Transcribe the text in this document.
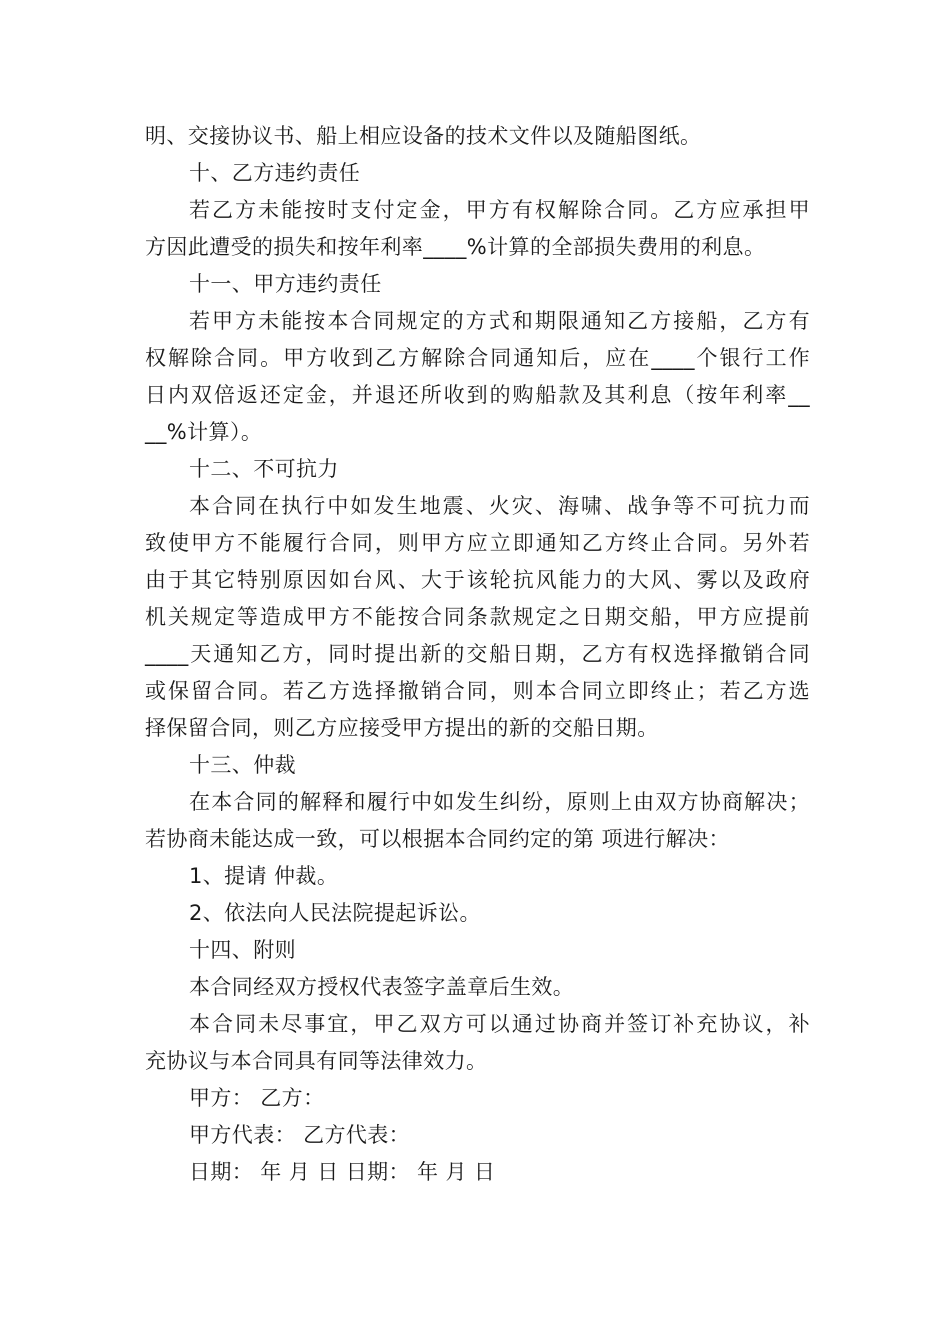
明、交接协议书、船上相应设备的技术文件以及随船图纸。
十、乙方违约责任
若乙方未能按时支付定金，甲方有权解除合同。乙方应承担甲
方因此遭受的损失和按年利率____%计算的全部损失费用的利息。
十一、甲方违约责任
若甲方未能按本合同规定的方式和期限通知乙方接船，乙方有
权解除合同。甲方收到乙方解除合同通知后，应在____个银行工作
日内双倍返还定金，并退还所收到的购船款及其利息（按年利率__
__%计算）。
十二、不可抗力
本合同在执行中如发生地震、火灾、海啸、战争等不可抗力而
致使甲方不能履行合同，则甲方应立即通知乙方终止合同。另外若
由于其它特别原因如台风、大于该轮抗风能力的大风、雾以及政府
机关规定等造成甲方不能按合同条款规定之日期交船，甲方应提前
____天通知乙方，同时提出新的交船日期，乙方有权选择撤销合同
或保留合同。若乙方选择撤销合同，则本合同立即终止；若乙方选
择保留合同，则乙方应接受甲方提出的新的交船日期。
十三、仲裁
在本合同的解释和履行中如发生纠纷，原则上由双方协商解决；
若协商未能达成一致，可以根据本合同约定的第 项进行解决：
1、提请 仲裁。
2、依法向人民法院提起诉讼。
十四、附则
本合同经双方授权代表签字盖章后生效。
本合同未尽事宜，甲乙双方可以通过协商并签订补充协议，补
充协议与本合同具有同等法律效力。
甲方： 乙方：
甲方代表： 乙方代表：
日期： 年 月 日 日期： 年 月 日
